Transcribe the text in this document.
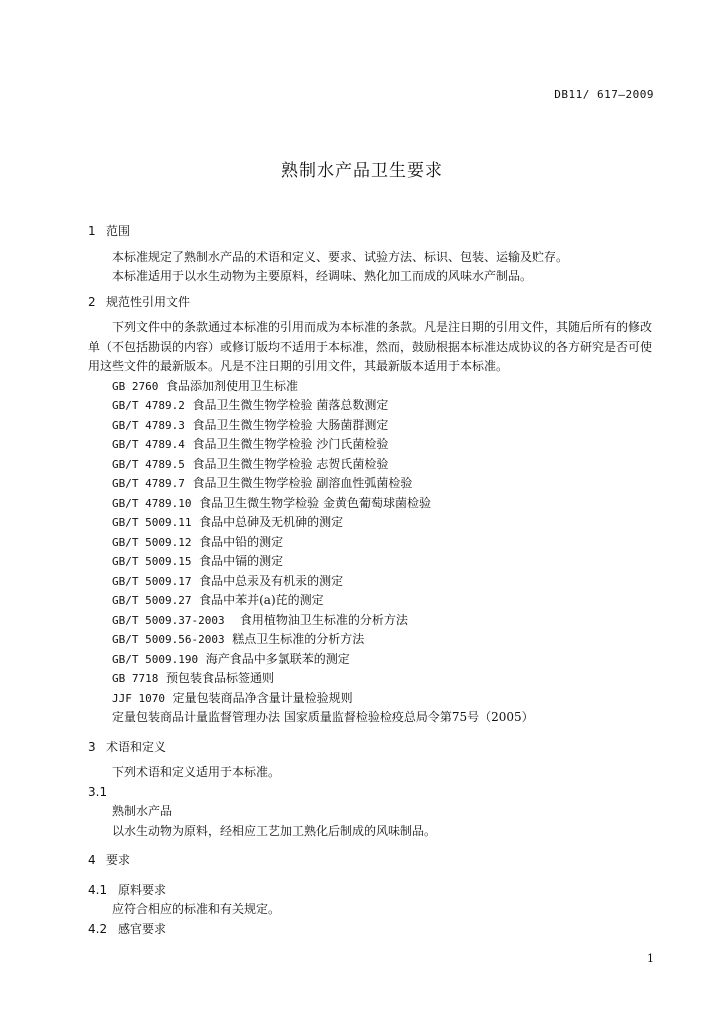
DB11/ 617—2009
熟制水产品卫生要求

1 范围

本标准规定了熟制水产品的术语和定义、要求、试验方法、标识、包装、运输及贮存。

本标准适用于以水生动物为主要原料，经调味、熟化加工而成的风味水产制品。

2 规范性引用文件

下列文件中的条款通过本标准的引用而成为本标准的条款。凡是注日期的引用文件，其随后所有的修改单（不包括勘误的内容）或修订版均不适用于本标准，然而，鼓励根据本标准达成协议的各方研究是否可使用这些文件的最新版本。凡是不注日期的引用文件，其最新版本适用于本标准。

GB 2760 食品添加剂使用卫生标准

GB/T 4789.2 食品卫生微生物学检验 菌落总数测定

GB/T 4789.3 食品卫生微生物学检验 大肠菌群测定

GB/T 4789.4 食品卫生微生物学检验 沙门氏菌检验

GB/T 4789.5 食品卫生微生物学检验 志贺氏菌检验

GB/T 4789.7 食品卫生微生物学检验 副溶血性弧菌检验

GB/T 4789.10 食品卫生微生物学检验 金黄色葡萄球菌检验

GB/T 5009.11 食品中总砷及无机砷的测定

GB/T 5009.12 食品中铅的测定

GB/T 5009.15 食品中镉的测定

GB/T 5009.17 食品中总汞及有机汞的测定

GB/T 5009.27 食品中苯并(a)芘的测定

GB/T 5009.37-2003 食用植物油卫生标准的分析方法

GB/T 5009.56-2003 糕点卫生标准的分析方法

GB/T 5009.190 海产食品中多氯联苯的测定

GB 7718 预包装食品标签通则

JJF 1070 定量包装商品净含量计量检验规则

定量包装商品计量监督管理办法 国家质量监督检验检疫总局令第75号（2005）

3 术语和定义

下列术语和定义适用于本标准。

3.1

熟制水产品

以水生动物为原料，经相应工艺加工熟化后制成的风味制品。

4 要求

4.1 原料要求

应符合相应的标准和有关规定。

4.2 感官要求

1
